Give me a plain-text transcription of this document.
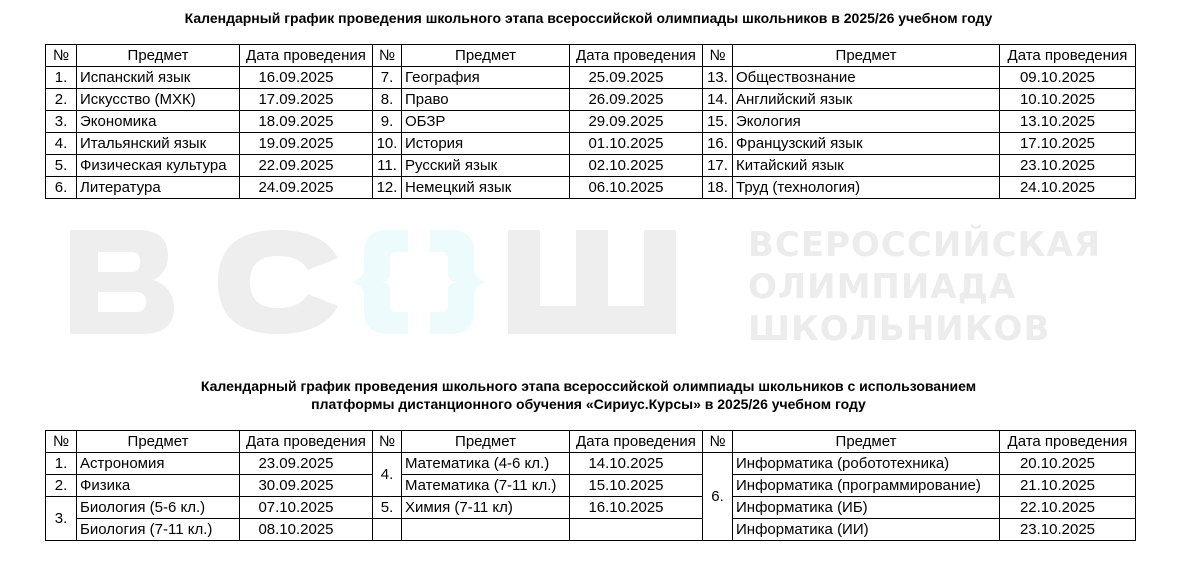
Календарный график проведения школьного этапа всероссийской олимпиады школьников в 2025/26 учебном году
№	Предмет	Дата проведения	№	Предмет	Дата проведения	№	Предмет	Дата проведения
1.	Испанский язык	16.09.2025	7.	География	25.09.2025	13.	Обществознание	09.10.2025
2.	Искусство (МХК)	17.09.2025	8.	Право	26.09.2025	14.	Английский язык	10.10.2025
3.	Экономика	18.09.2025	9.	ОБЗР	29.09.2025	15.	Экология	13.10.2025
4.	Итальянский язык	19.09.2025	10.	История	01.10.2025	16.	Французский язык	17.10.2025
5.	Физическая культура	22.09.2025	11.	Русский язык	02.10.2025	17.	Китайский язык	23.10.2025
6.	Литература	24.09.2025	12.	Немецкий язык	06.10.2025	18.	Труд (технология)	24.10.2025
ВСЕРОССИЙСКАЯ
ОЛИМПИАДА
ШКОЛЬНИКОВ
Календарный график проведения школьного этапа всероссийской олимпиады школьников с использованием
платформы дистанционного обучения «Сириус.Курсы» в 2025/26 учебном году
№	Предмет	Дата проведения	№	Предмет	Дата проведения	№	Предмет	Дата проведения
1.	Астрономия	23.09.2025	4.	Математика (4-6 кл.)	14.10.2025	6.	Информатика (робототехника)	20.10.2025
2.	Физика	30.09.2025		Математика (7-11 кл.)	15.10.2025		Информатика (программирование)	21.10.2025
3.	Биология (5-6 кл.)	07.10.2025	5.	Химия (7-11 кл)	16.10.2025		Информатика (ИБ)	22.10.2025
	Биология (7-11 кл.)	08.10.2025					Информатика (ИИ)	23.10.2025
